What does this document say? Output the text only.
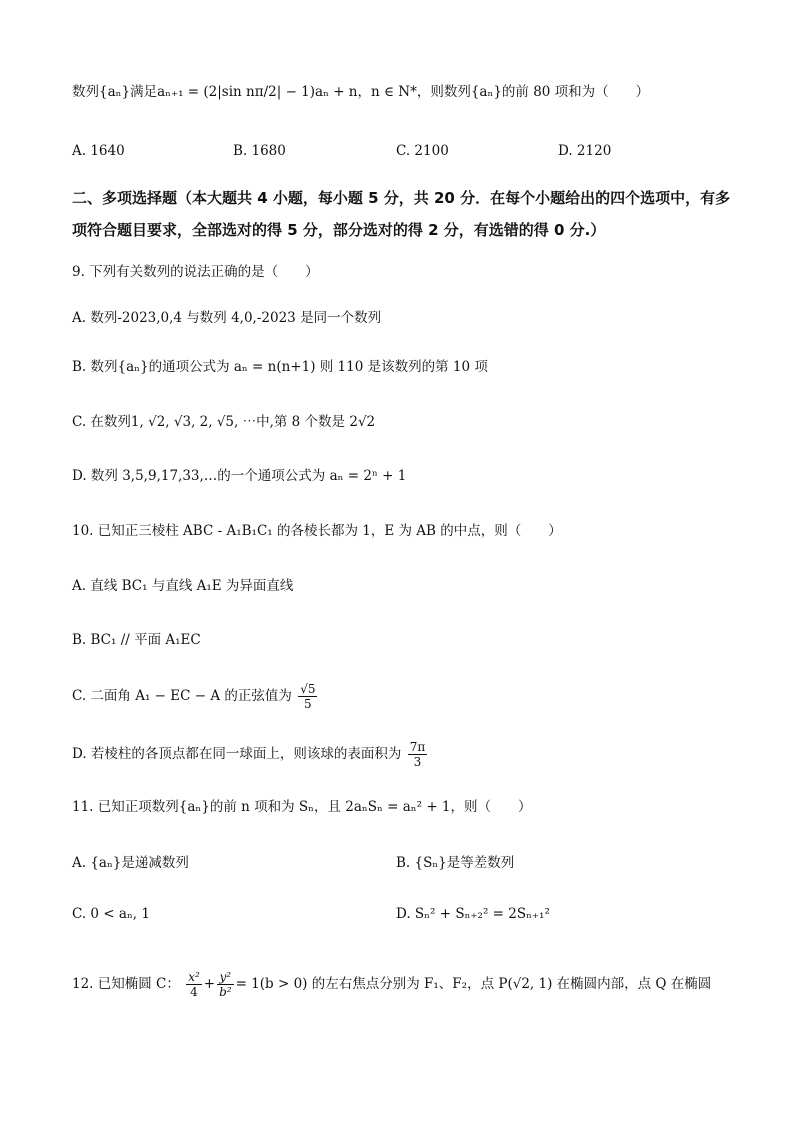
数列{aₙ}满足aₙ₊₁ = (2|sin nπ/2| − 1)aₙ + n，n ∈ N*，则数列{aₙ}的前 80 项和为（　　）
A. 1640	B. 1680	C. 2100	D. 2120
二、多项选择题（本大题共 4 小题，每小题 5 分，共 20 分．在每个小题给出的四个选项中，有多项符合题目要求，全部选对的得 5 分，部分选对的得 2 分，有选错的得 0 分.）
9. 下列有关数列的说法正确的是（　　）
A. 数列-2023,0,4 与数列 4,0,-2023 是同一个数列
B. 数列{aₙ}的通项公式为 aₙ = n(n+1) 则 110 是该数列的第 10 项
C. 在数列1, √2, √3, 2, √5, ⋯中,第 8 个数是 2√2
D. 数列 3,5,9,17,33,…的一个通项公式为 aₙ = 2ⁿ + 1
10. 已知正三棱柱 ABC - A₁B₁C₁ 的各棱长都为 1，E 为 AB 的中点，则（　　）
A. 直线 BC₁ 与直线 A₁E 为异面直线
B. BC₁ // 平面 A₁EC
C. 二面角 A₁ − EC − A 的正弦值为 $\frac{√5}{5}$
D. 若棱柱的各顶点都在同一球面上，则该球的表面积为 $\frac{7\pi}{3}$
11. 已知正项数列{aₙ}的前 n 项和为 Sₙ，且 2aₙSₙ = aₙ² + 1，则（　　）
A. {aₙ}是递减数列	B. {Sₙ}是等差数列
C. 0 < aₙ, 1	D. Sₙ² + Sₙ₊₂² = 2Sₙ₊₁²
12. 已知椭圆 C： $\frac{\text{x²}}{4} + \frac{\text{y²}}{\text{b²}} = 1(b > 0)$ 的左右焦点分别为 F₁、F₂，点 P(√2, 1) 在椭圆内部，点 Q 在椭圆
